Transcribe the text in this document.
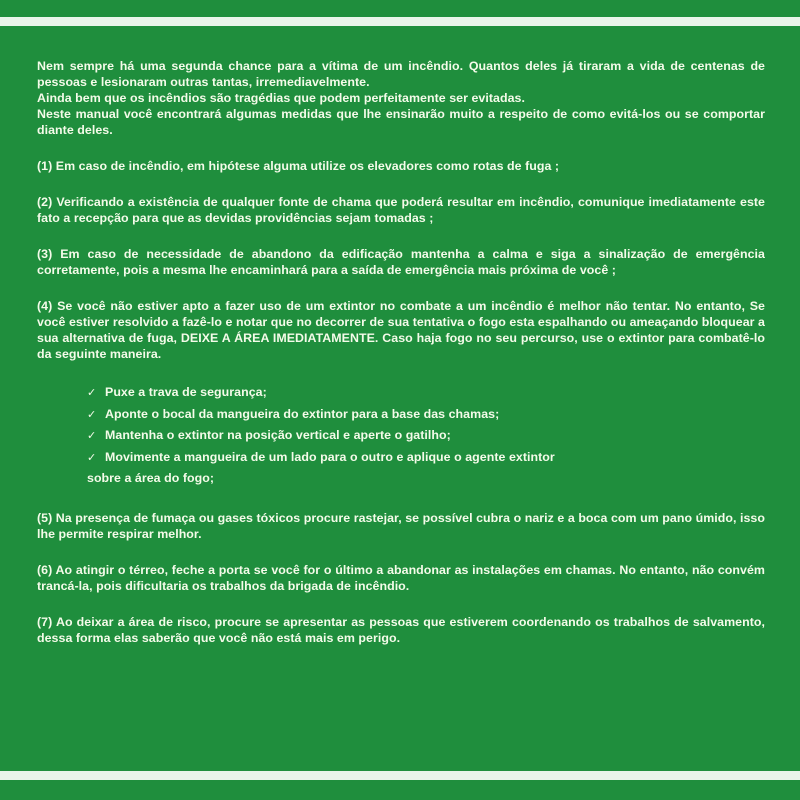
Nem sempre há uma segunda chance para a vítima de um incêndio. Quantos deles já tiraram a vida de centenas de pessoas e lesionaram outras tantas, irremediavelmente.

Ainda bem que os incêndios são tragédias que podem perfeitamente ser evitadas.

Neste manual você encontrará algumas medidas que lhe ensinarão muito a respeito de como evitá-los ou se comportar diante deles.

(1) Em caso de incêndio, em hipótese alguma utilize os elevadores como rotas de fuga ;

(2) Verificando a existência de qualquer fonte de chama que poderá resultar em incêndio, comunique imediatamente este fato a recepção para que as devidas providências sejam tomadas ;

(3) Em caso de necessidade de abandono da edificação mantenha a calma e siga a sinalização de emergência corretamente, pois a mesma lhe encaminhará para a saída de emergência mais próxima de você ;

(4) Se você não estiver apto a fazer uso de um extintor no combate a um incêndio é melhor não tentar. No entanto, Se você estiver resolvido a fazê-lo e notar que no decorrer de sua tentativa o fogo esta espalhando ou ameaçando bloquear a sua alternativa de fuga, DEIXE A ÁREA IMEDIATAMENTE. Caso haja fogo no seu percurso, use o extintor para combatê-lo da seguinte maneira.

✓ Puxe a trava de segurança;
✓ Aponte o bocal da mangueira do extintor para a base das chamas;
✓ Mantenha o extintor na posição vertical e aperte o gatilho;
✓ Movimente a mangueira de um lado para o outro e aplique o agente extintor
sobre a área do fogo;

(5) Na presença de fumaça ou gases tóxicos procure rastejar, se possível cubra o nariz e a boca com um pano úmido, isso lhe permite respirar melhor.

(6) Ao atingir o térreo, feche a porta se você for o último a abandonar as instalações em chamas. No entanto, não convém trancá-la, pois dificultaria os trabalhos da brigada de incêndio.

(7) Ao deixar a área de risco, procure se apresentar as pessoas que estiverem coordenando os trabalhos de salvamento, dessa forma elas saberão que você não está mais em perigo.
